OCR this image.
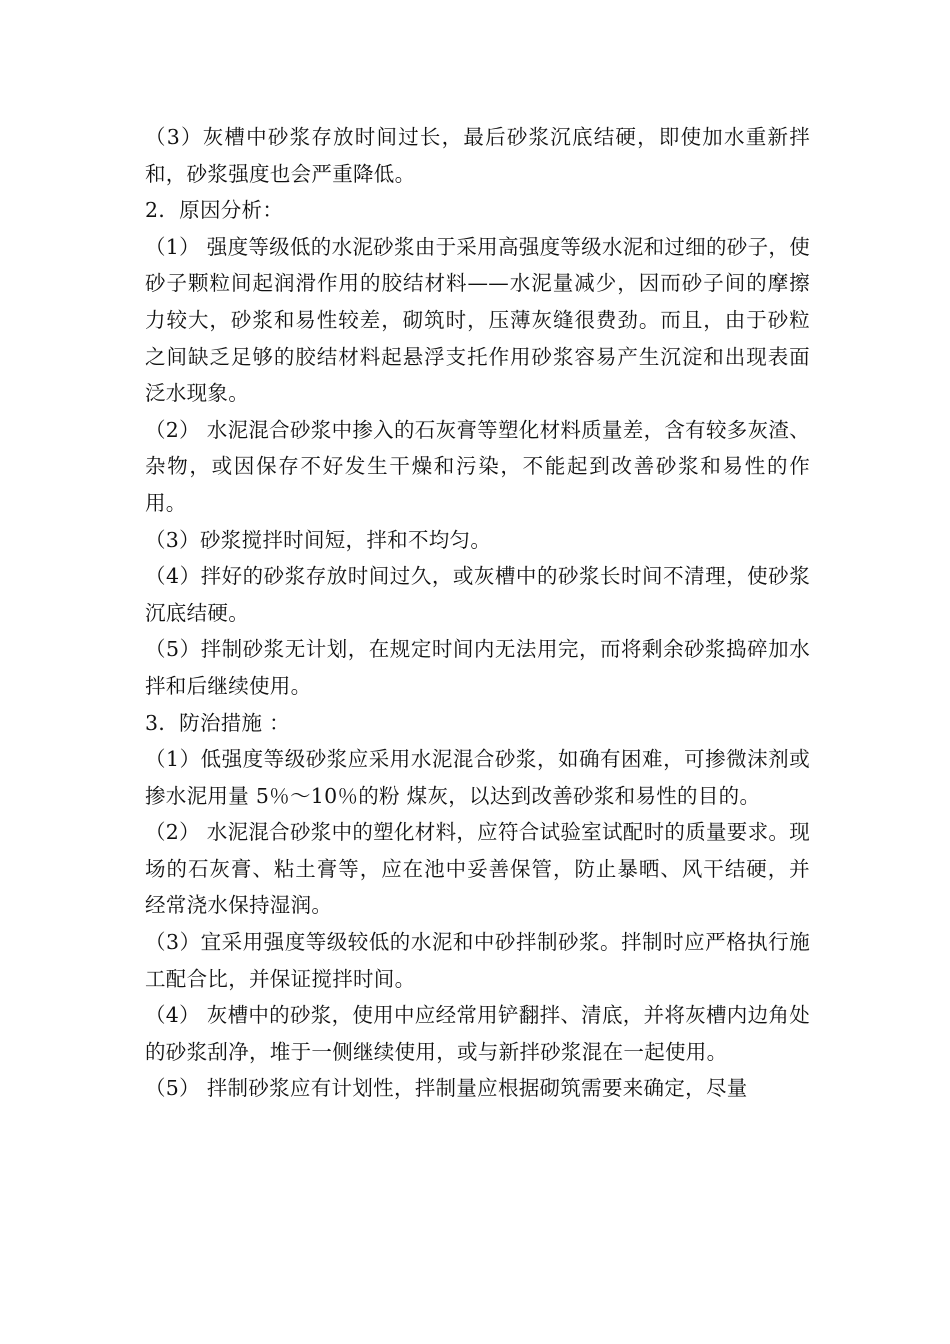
（3）灰槽中砂浆存放时间过长，最后砂浆沉底结硬，即使加水重新拌和，砂浆强度也会严重降低。

2．原因分析：

（1） 强度等级低的水泥砂浆由于采用高强度等级水泥和过细的砂子，使砂子颗粒间起润滑作用的胶结材料——水泥量减少，因而砂子间的摩擦力较大，砂浆和易性较差，砌筑时，压薄灰缝很费劲。而且，由于砂粒之间缺乏足够的胶结材料起悬浮支托作用砂浆容易产生沉淀和出现表面泛水现象。

（2） 水泥混合砂浆中掺入的石灰膏等塑化材料质量差，含有较多灰渣、杂物，或因保存不好发生干燥和污染，不能起到改善砂浆和易性的作用。

（3）砂浆搅拌时间短，拌和不均匀。

（4）拌好的砂浆存放时间过久，或灰槽中的砂浆长时间不清理，使砂浆沉底结硬。

（5）拌制砂浆无计划，在规定时间内无法用完，而将剩余砂浆捣碎加水拌和后继续使用。

3．防治措施 ：

（1）低强度等级砂浆应采用水泥混合砂浆，如确有困难，可掺微沫剂或掺水泥用量 5％～10％的粉 煤灰，以达到改善砂浆和易性的目的。

（2） 水泥混合砂浆中的塑化材料，应符合试验室试配时的质量要求。现场的石灰膏、粘土膏等，应在池中妥善保管，防止暴晒、风干结硬，并经常浇水保持湿润。

（3）宜采用强度等级较低的水泥和中砂拌制砂浆。拌制时应严格执行施工配合比，并保证搅拌时间。

（4） 灰槽中的砂浆，使用中应经常用铲翻拌、清底，并将灰槽内边角处的砂浆刮净，堆于一侧继续使用，或与新拌砂浆混在一起使用。

（5） 拌制砂浆应有计划性，拌制量应根据砌筑需要来确定，尽量
